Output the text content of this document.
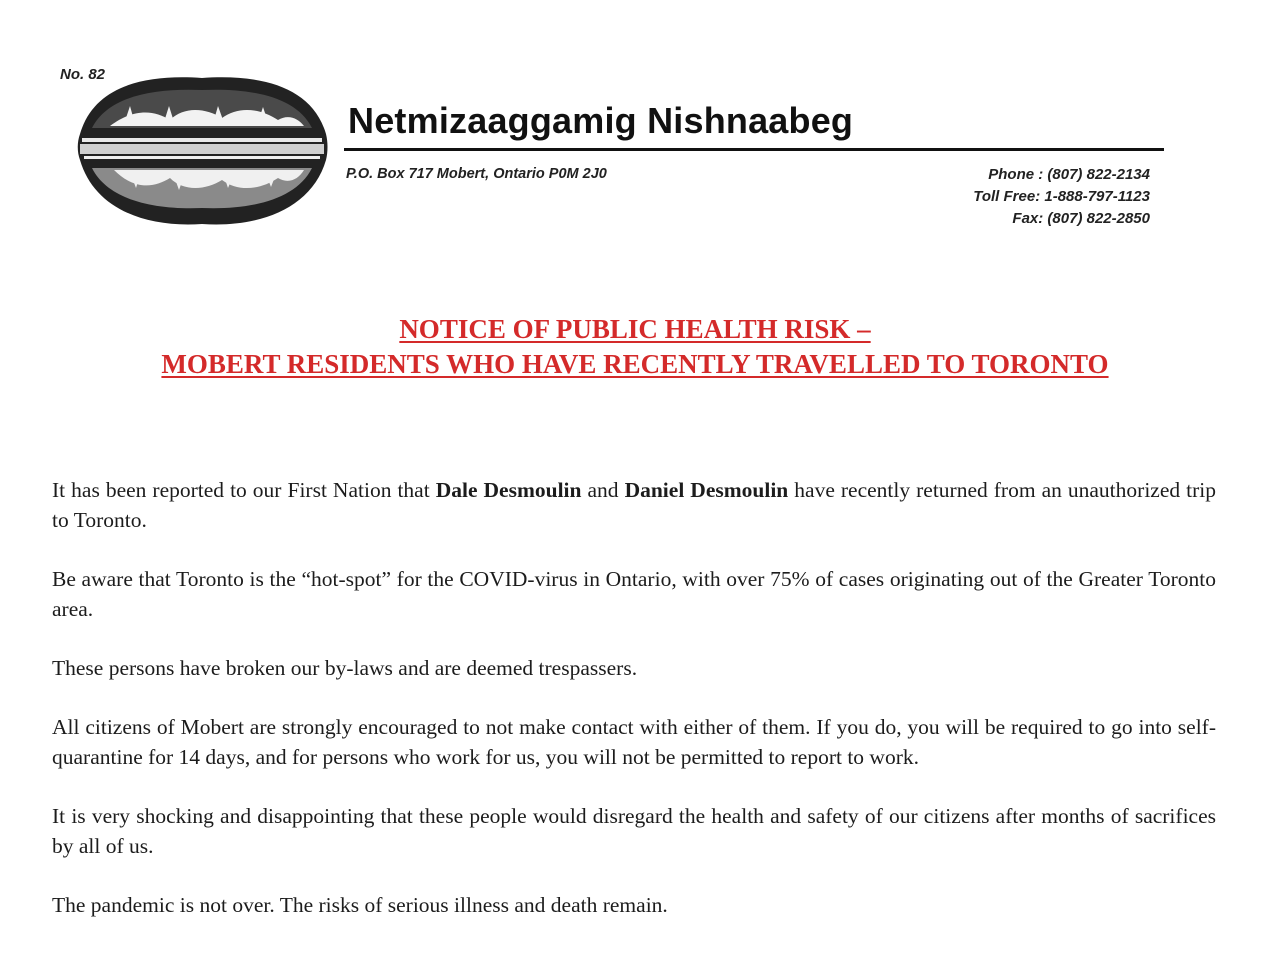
No. 82
Netmizaaggamig Nishnaabeg
P.O. Box 717 Mobert, Ontario P0M 2J0	Phone : (807) 822-2134
Toll Free: 1-888-797-1123
Fax: (807) 822-2850
NOTICE OF PUBLIC HEALTH RISK –
MOBERT RESIDENTS WHO HAVE RECENTLY TRAVELLED TO TORONTO

It has been reported to our First Nation that Dale Desmoulin and Daniel Desmoulin have recently returned from an unauthorized trip to Toronto.

Be aware that Toronto is the “hot-spot” for the COVID-virus in Ontario, with over 75% of cases originating out of the Greater Toronto area.

These persons have broken our by-laws and are deemed trespassers.

All citizens of Mobert are strongly encouraged to not make contact with either of them. If you do, you will be required to go into self-quarantine for 14 days, and for persons who work for us, you will not be permitted to report to work.

It is very shocking and disappointing that these people would disregard the health and safety of our citizens after months of sacrifices by all of us.

The pandemic is not over. The risks of serious illness and death remain.
